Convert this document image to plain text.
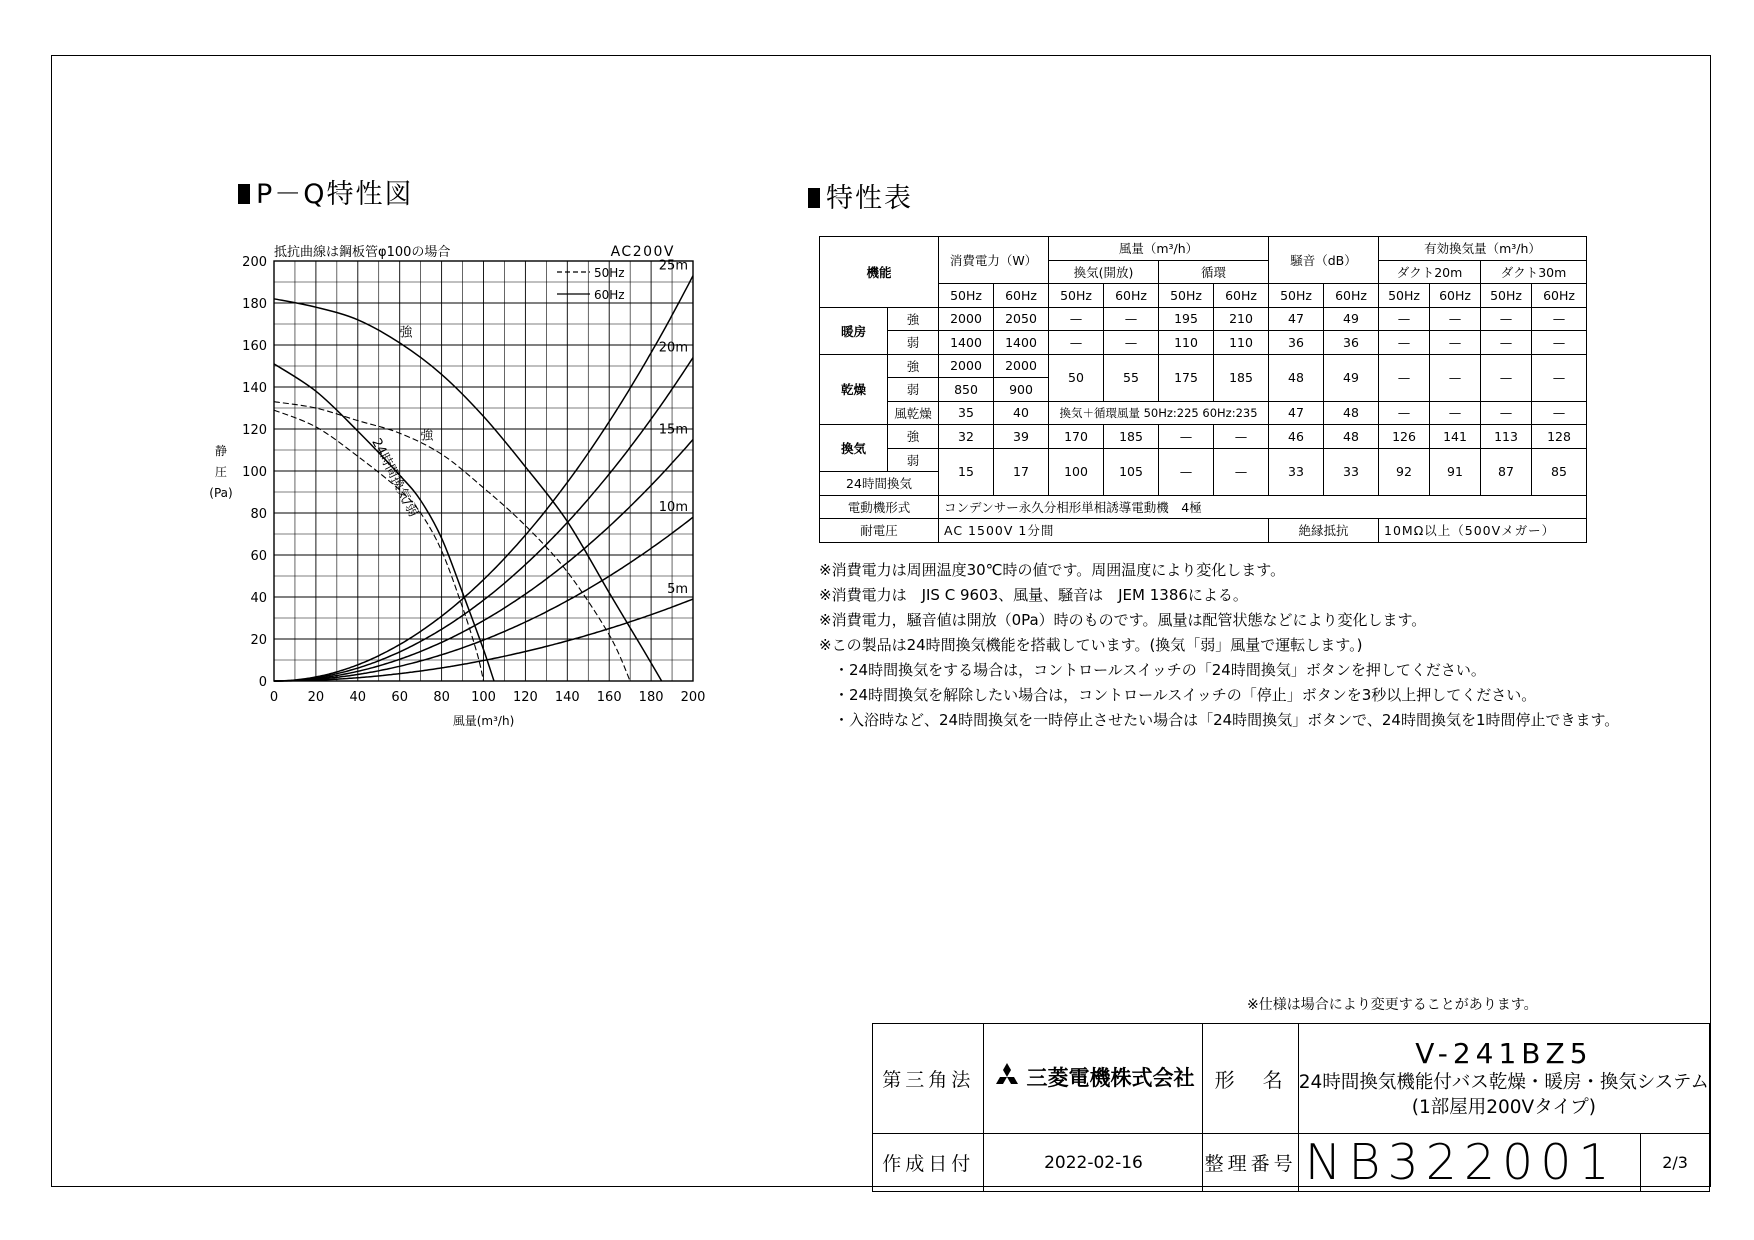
P－Q特性図	特性表
0 20 40 60 80 100 120 140 160 180 200
0
20
40
60
80
100
120
140
160
180
200
風量(m³/h)
静
圧
(Pa)
抵抗曲線は鋼板管φ100の場合	AC200V
50Hz
60Hz
25m
20m
15m
10m
5m
強
強
24時間換気/弱
機能		消費電力（W）		風量（m³/h）				騒音（dB）		有効換気量（m³/h）			
				換気(開放)		循環				ダクト20m		ダクト30m	
		50Hz	60Hz	50Hz	60Hz	50Hz	60Hz	50Hz	60Hz	50Hz	60Hz	50Hz	60Hz
暖房	強	2000	2050	—	—	195	210	47	49	—	—	—	—
	弱	1400	1400	—	—	110	110	36	36	—	—	—	—
乾燥	強	2000	2000	50	55	175	185	48	49	—	—	—	—
	弱	850	900										
	風乾燥	35	40	換気＋循環風量 50Hz:225 60Hz:235				47	48	—	—	—	—
換気	強	32	39	170	185	—	—	46	48	126	141	113	128
	弱	15	17	100	105	—	—	33	33	92	91	87	85
24時間換気													
電動機形式		コンデンサー永久分相形単相誘導電動機　4極											
耐電圧		AC 1500V 1分間						絶縁抵抗		10MΩ以上（500Vメガー）			
※消費電力は周囲温度30℃時の値です。周囲温度により変化します。
※消費電力は　JIS C 9603、風量、騒音は　JEM 1386による。
※消費電力，騒音値は開放（0Pa）時のものです。風量は配管状態などにより変化します。
※この製品は24時間換気機能を搭載しています。(換気「弱」風量で運転します。)
・24時間換気をする場合は，コントロールスイッチの「24時間換気」ボタンを押してください。
・24時間換気を解除したい場合は，コントロールスイッチの「停止」ボタンを3秒以上押してください。
・入浴時など、24時間換気を一時停止させたい場合は「24時間換気」ボタンで、24時間換気を1時間停止できます。
※仕様は場合により変更することがあります。
第三角法	三菱電機株式会社	形　名	V-241BZ5
24時間換気機能付バス乾燥・暖房・換気システム
(1部屋用200Vタイプ)	

作成日付	2022-02-16	整理番号	NB322001	2/3
